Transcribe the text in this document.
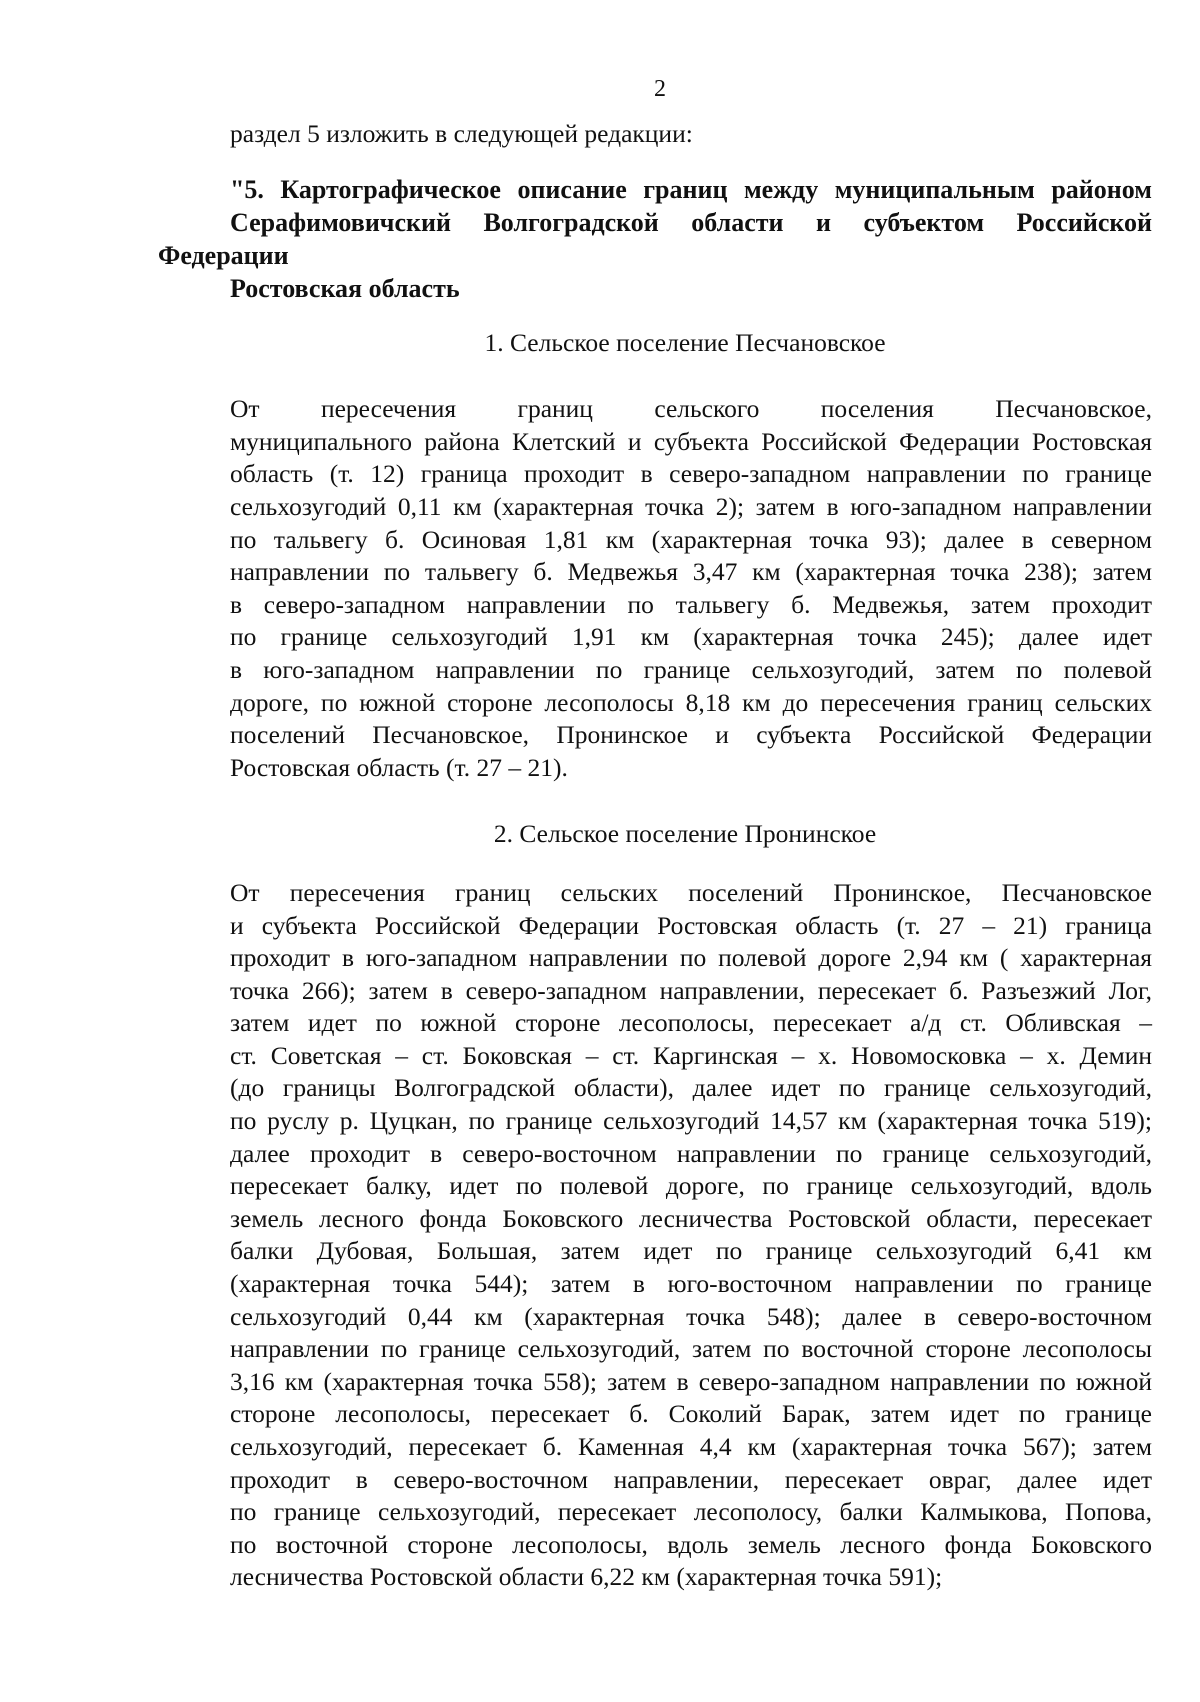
2

раздел 5 изложить в следующей редакции:

"5. Картографическое описание границ между муниципальным районом
Серафимовичский Волгоградской области и субъектом Российской Федерации
Ростовская область

1. Сельское поселение Песчановское

От пересечения границ сельского поселения Песчановское,
муниципального района Клетский и субъекта Российской Федерации Ростовская
область (т. 12) граница проходит в северо-западном направлении по границе
сельхозугодий 0,11 км (характерная точка 2); затем в юго-западном направлении
по тальвегу б. Осиновая 1,81 км (характерная точка 93); далее в северном
направлении по тальвегу б. Медвежья 3,47 км (характерная точка 238); затем
в северо-западном направлении по тальвегу б. Медвежья, затем проходит
по границе сельхозугодий 1,91 км (характерная точка 245); далее идет
в юго-западном направлении по границе сельхозугодий, затем по полевой
дороге, по южной стороне лесополосы 8,18 км до пересечения границ сельских
поселений Песчановское, Пронинское и субъекта Российской Федерации
Ростовская область (т. 27 – 21).

2. Сельское поселение Пронинское

От пересечения границ сельских поселений Пронинское, Песчановское
и субъекта Российской Федерации Ростовская область (т. 27 – 21) граница
проходит в юго-западном направлении по полевой дороге 2,94 км ( характерная
точка 266); затем в северо-западном направлении, пересекает б. Разъезжий Лог,
затем идет по южной стороне лесополосы, пересекает а/д ст. Обливская –
ст. Советская – ст. Боковская – ст. Каргинская – х. Новомосковка – х. Демин
(до границы Волгоградской области), далее идет по границе сельхозугодий,
по руслу р. Цуцкан, по границе сельхозугодий 14,57 км (характерная точка 519);
далее проходит в северо-восточном направлении по границе сельхозугодий,
пересекает балку, идет по полевой дороге, по границе сельхозугодий, вдоль
земель лесного фонда Боковского лесничества Ростовской области, пересекает
балки Дубовая, Большая, затем идет по границе сельхозугодий 6,41 км
(характерная точка 544); затем в юго-восточном направлении по границе
сельхозугодий 0,44 км (характерная точка 548); далее в северо-восточном
направлении по границе сельхозугодий, затем по восточной стороне лесополосы
3,16 км (характерная точка 558); затем в северо-западном направлении по южной
стороне лесополосы, пересекает б. Соколий Барак, затем идет по границе
сельхозугодий, пересекает б. Каменная 4,4 км (характерная точка 567); затем
проходит в северо-восточном направлении, пересекает овраг, далее идет
по границе сельхозугодий, пересекает лесополосу, балки Калмыкова, Попова,
по восточной стороне лесополосы, вдоль земель лесного фонда Боковского
лесничества Ростовской области 6,22 км (характерная точка 591);
